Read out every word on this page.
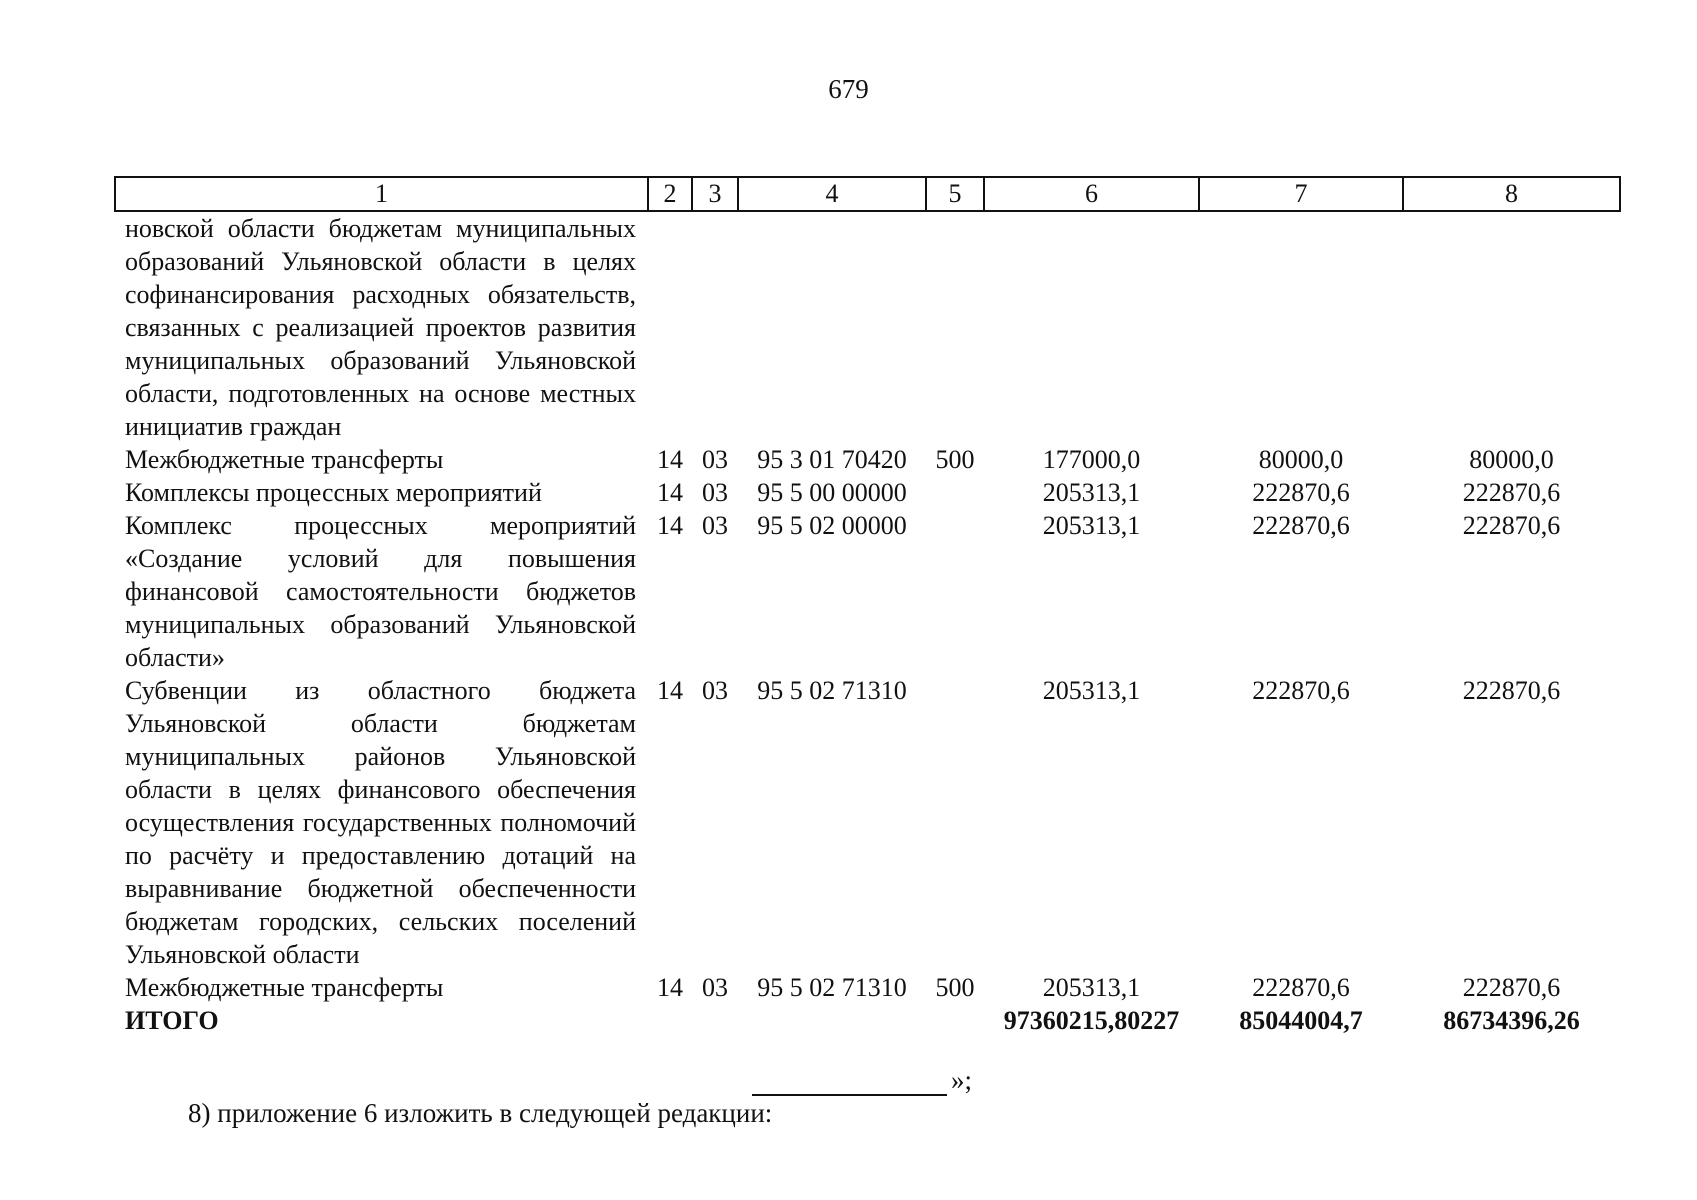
679
1	2	3	4	5	6	7	8
новской области бюджетам муниципальных образований Ульяновской области в целях софинансирования расходных обязательств, связанных с реализацией проектов развития муниципальных образований Ульяновской области, подготовленных на основе местных инициатив граждан							
Межбюджетные трансферты	14	03	95 3 01 70420	500	177000,0	80000,0	80000,0
Комплексы процессных мероприятий	14	03	95 5 00 00000		205313,1	222870,6	222870,6
Комплекс процессных мероприятий «Создание условий для повышения финансовой самостоятельности бюджетов муниципальных образований Ульяновской области»	14	03	95 5 02 00000		205313,1	222870,6	222870,6
Субвенции из областного бюджета Ульяновской области бюджетам муниципальных районов Ульяновской области в целях финансового обеспечения осуществления государственных полномочий по расчёту и предоставлению дотаций на выравнивание бюджетной обеспеченности бюджетам городских, сельских поселений Ульяновской области	14	03	95 5 02 71310		205313,1	222870,6	222870,6
Межбюджетные трансферты	14	03	95 5 02 71310	500	205313,1	222870,6	222870,6
ИТОГО					97360215,80227	85044004,7	86734396,26
»;
8) приложение 6 изложить в следующей редакции:
